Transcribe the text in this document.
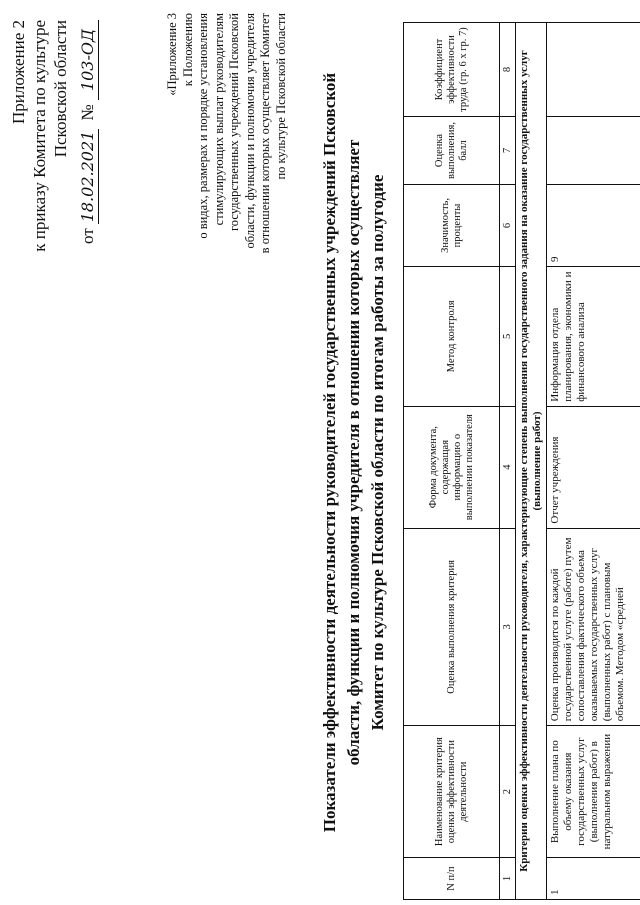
Приложение 2 к приказу Комитета по культуре Псковской области
от 18.02.2021  № 103-ОД	«Приложение 3 к Положению о видах, размерах и порядке установления стимулирующих выплат руководителям государственных учреждений Псковской области, функции и полномочия учредителя в отношении которых осуществляет Комитет по культуре Псковской области Показатели эффективности деятельности руководителей государственных учреждений Псковской области, функции и полномочия учредителя в отношении которых осуществляет Комитет по культуре Псковской области по итогам работы за полугодие
N п/п	Наименование критерия оценки эффективности деятельности	Оценка выполнения критерия	Форма документа, содержащая информацию о выполнении показателя	Метод контроля	Значимость, проценты	Оценка выполнения, балл	Коэффициент эффективности труда (гр. 6 х гр. 7)
1	2	3	4	5	6	7	8
Критерии оценки эффективности деятельности руководителя, характеризующие степень выполнения государственного задания на оказание государственных услуг (выполнение работ)							
1	Выполнение плана по объему оказания государственных услуг (выполнения работ) в натуральном выражении	Оценка производится по каждой государственной услуге (работе) путем сопоставления фактического объема оказываемых государственных услуг (выполненных работ) с плановым объемом. Методом «средней	Отчет учреждения	Информация отдела планирования, экономики и финансового анализа	9		
